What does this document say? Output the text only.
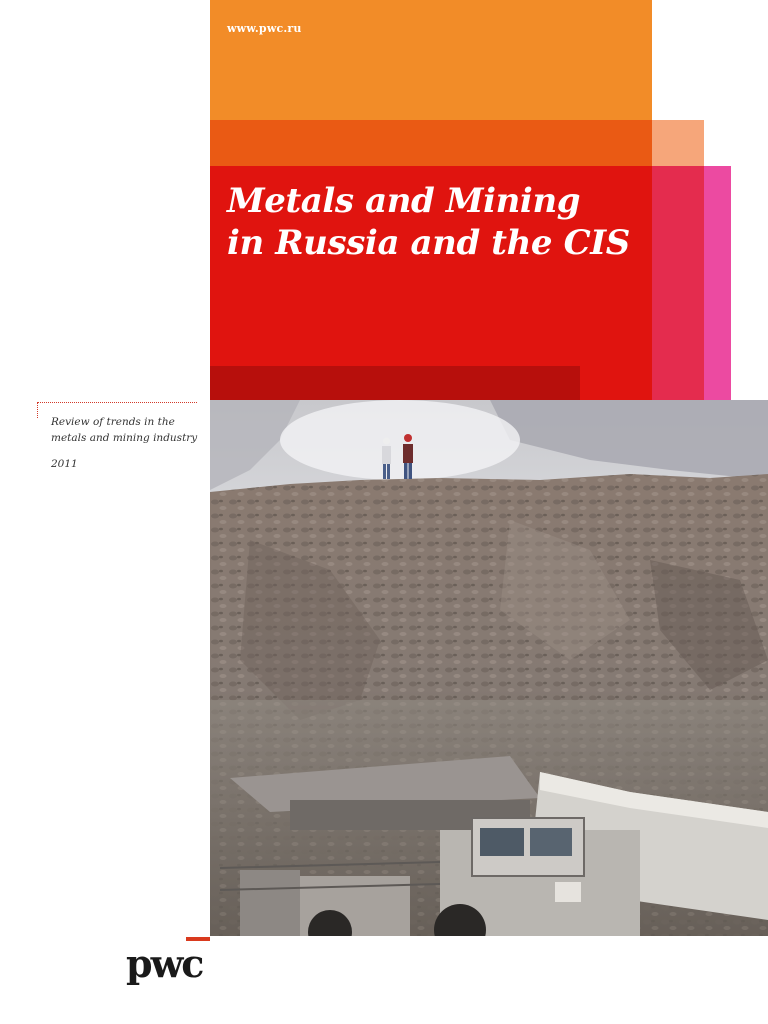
www.pwc.ru
Metals and Mining
in Russia and the CIS
Review of trends in the
metals and mining industry
2011
pwc
